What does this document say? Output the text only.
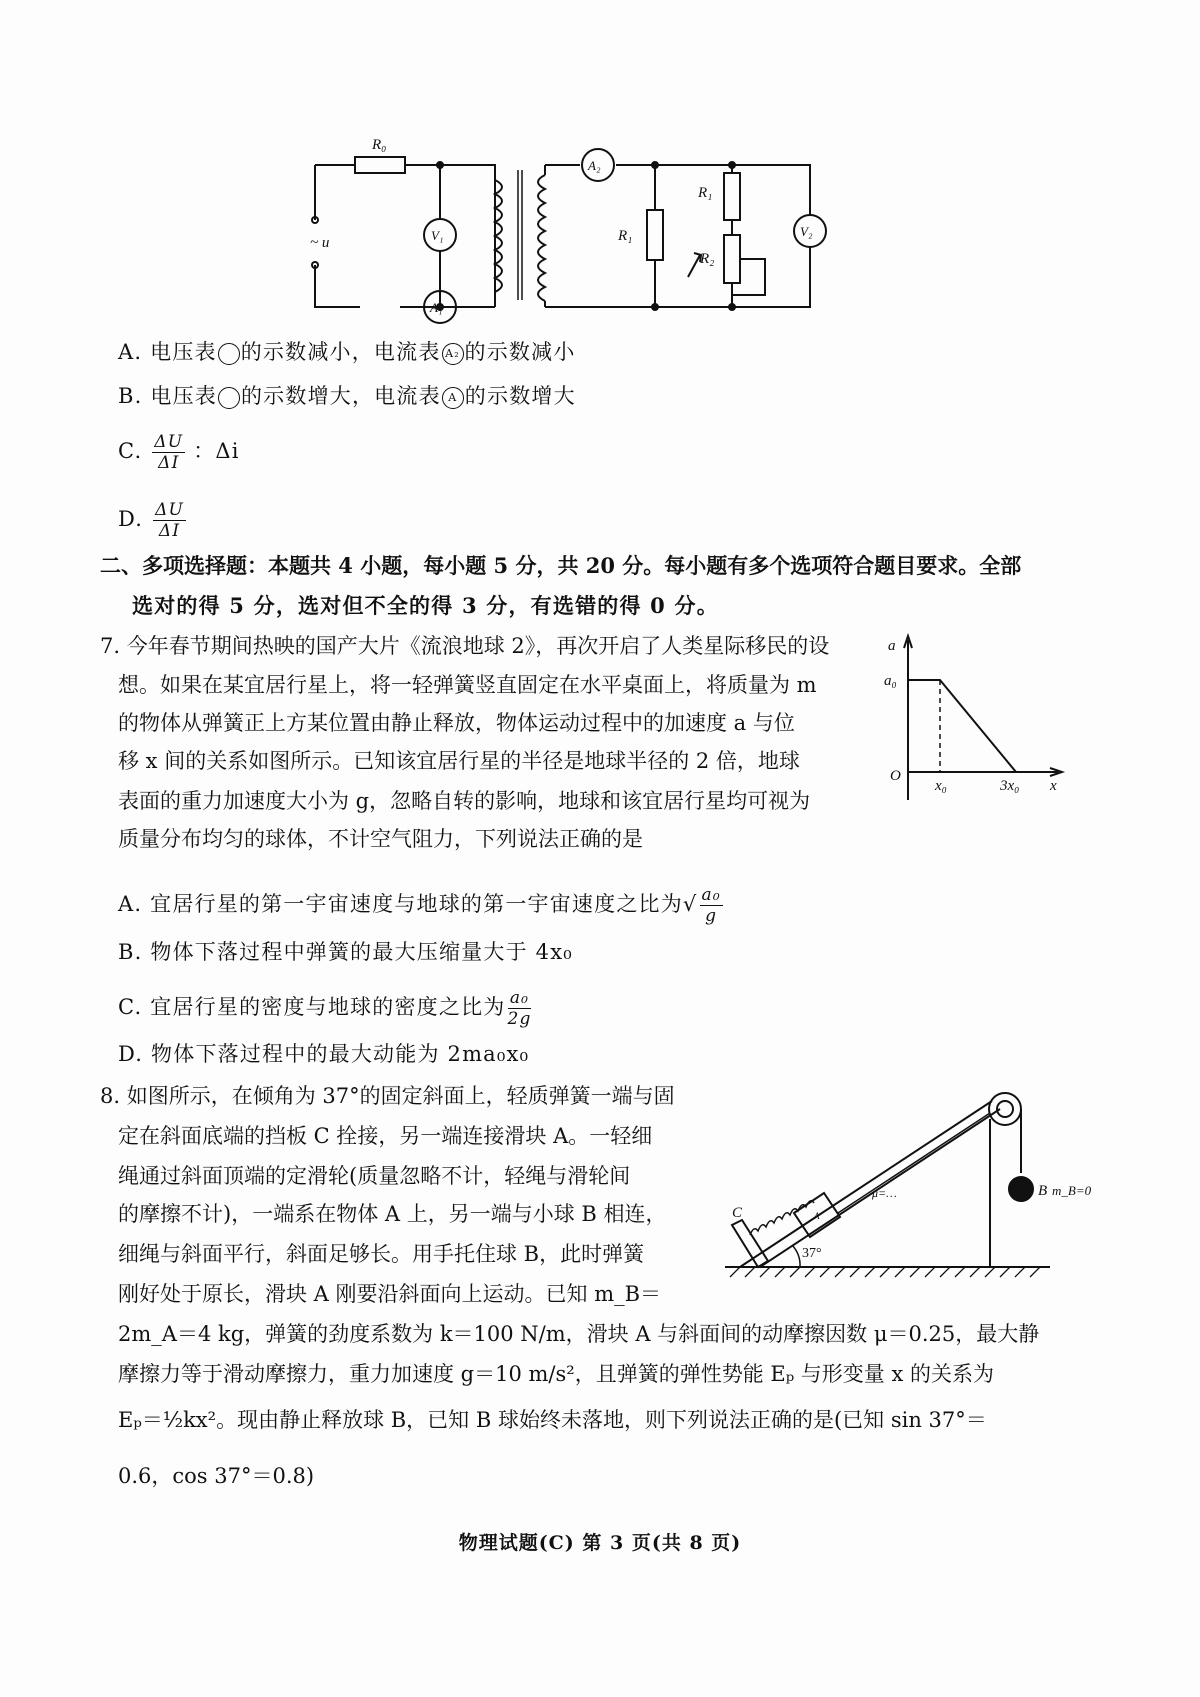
R₀
V₁
A₁
A₂
R₁
R₁
R₂
V₂
~ u
A. 电压表 的示数减小，电流表 A₂ 的示数减小
B. 电压表 的示数增大，电流表 A 的示数增大
C. $\frac{\Delta U}{\Delta I}$ ：Δi
D. $\frac{\Delta U}{\Delta I}$
二、多项选择题：本题共 4 小题，每小题 5 分，共 20 分。每小题有多个选项符合题目要求。全部
选对的得 5 分，选对但不全的得 3 分，有选错的得 0 分。
7. 今年春节期间热映的国产大片《流浪地球 2》，再次开启了人类星际移民的设
想。如果在某宜居行星上，将一轻弹簧竖直固定在水平桌面上，将质量为 m
的物体从弹簧正上方某位置由静止释放，物体运动过程中的加速度 a 与位
移 x 间的关系如图所示。已知该宜居行星的半径是地球半径的 2 倍，地球
表面的重力加速度大小为 g，忽略自转的影响，地球和该宜居行星均可视为
质量分布均匀的球体，不计空气阻力，下列说法正确的是
a
a₀
O
x₀	3x₀ x
A. 宜居行星的第一宇宙速度与地球的第一宇宙速度之比为√ $\frac{\text{a₀}}{g}$
B. 物体下落过程中弹簧的最大压缩量大于 4x₀
C. 宜居行星的密度与地球的密度之比为 $\frac{\text{a₀}}{2g}$
D. 物体下落过程中的最大动能为 2ma₀x₀
8. 如图所示，在倾角为 37°的固定斜面上，轻质弹簧一端与固
定在斜面底端的挡板 C 拴接，另一端连接滑块 A。一轻细
绳通过斜面顶端的定滑轮(质量忽略不计，轻绳与滑轮间
的摩擦不计)，一端系在物体 A 上，另一端与小球 B 相连，
细绳与斜面平行，斜面足够长。用手托住球 B，此时弹簧
刚好处于原长，滑块 A 刚要沿斜面向上运动。已知 m_B＝
2m_A＝4 kg，弹簧的劲度系数为 k＝100 N/m，滑块 A 与斜面间的动摩擦因数 μ＝0.25，最大静
摩擦力等于滑动摩擦力，重力加速度 g＝10 m/s²，且弹簧的弹性势能 Eₚ 与形变量 x 的关系为
Eₚ＝½kx²。现由静止释放球 B，已知 B 球始终未落地，则下列说法正确的是(已知 sin 37°＝
0.6，cos 37°＝0.8)
C	A
B
37°
μ=…	m_B=0
物理试题(C) 第 3 页(共 8 页)
